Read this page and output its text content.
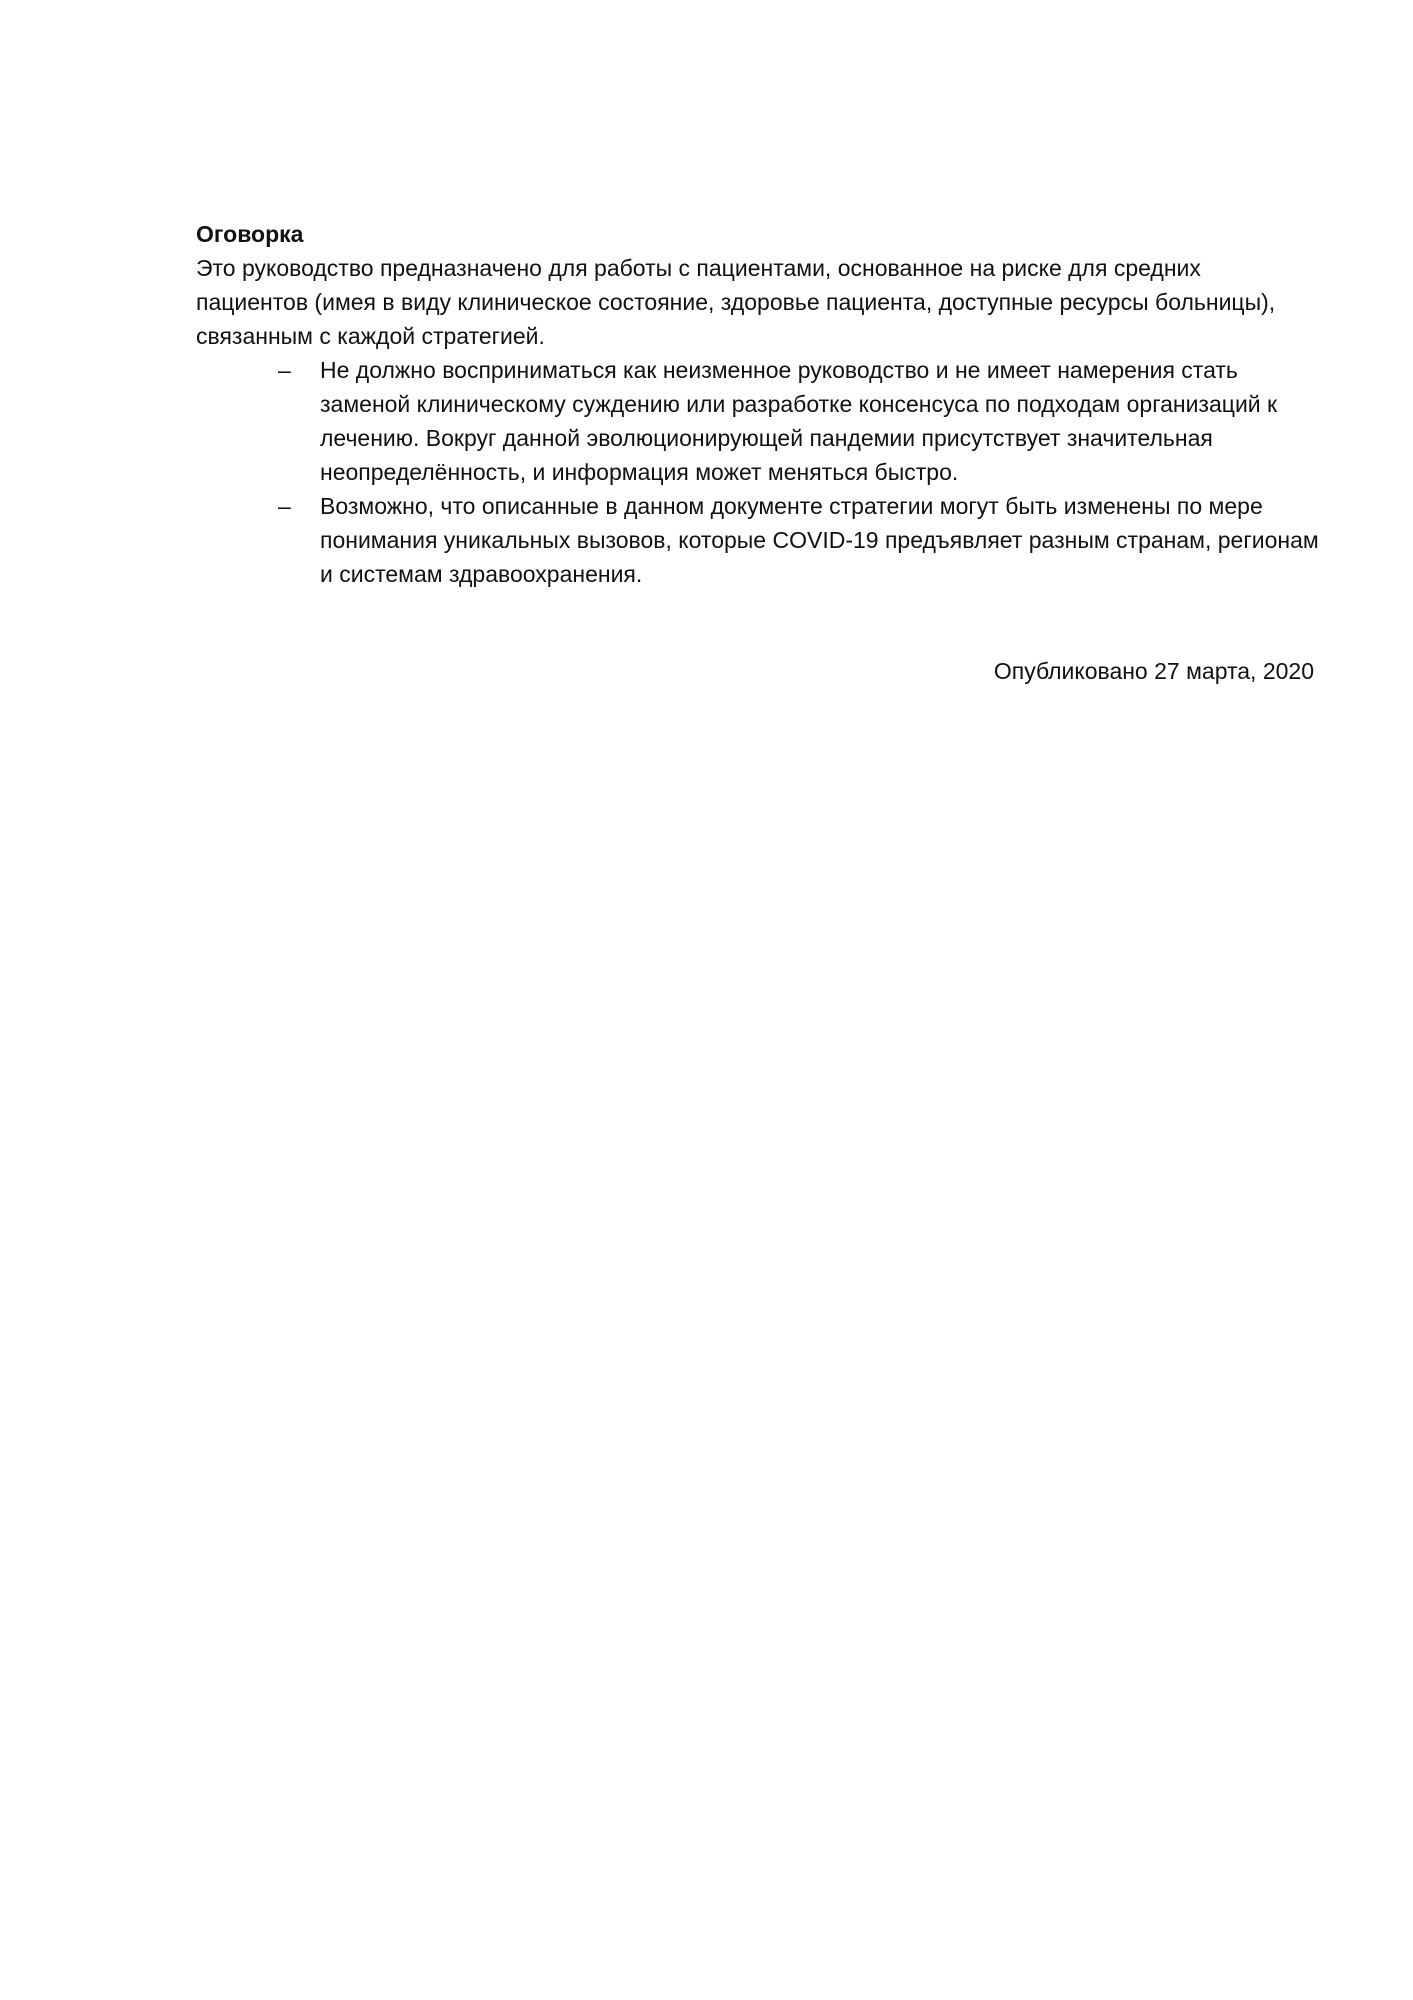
Оговорка

Это руководство предназначено для работы с пациентами, основанное на риске для средних пациентов (имея в виду клиническое состояние, здоровье пациента, доступные ресурсы больницы), связанным с каждой стратегией.

–	Не должно восприниматься как неизменное руководство и не имеет намерения стать заменой клиническому суждению или разработке консенсуса по подходам организаций к лечению. Вокруг данной эволюционирующей пандемии присутствует значительная неопределённость, и информация может меняться быстро.
–	Возможно, что описанные в данном документе стратегии могут быть изменены по мере понимания уникальных вызовов, которые COVID-19 предъявляет разным странам, регионам и системам здравоохранения.
Опубликовано 27 марта, 2020
